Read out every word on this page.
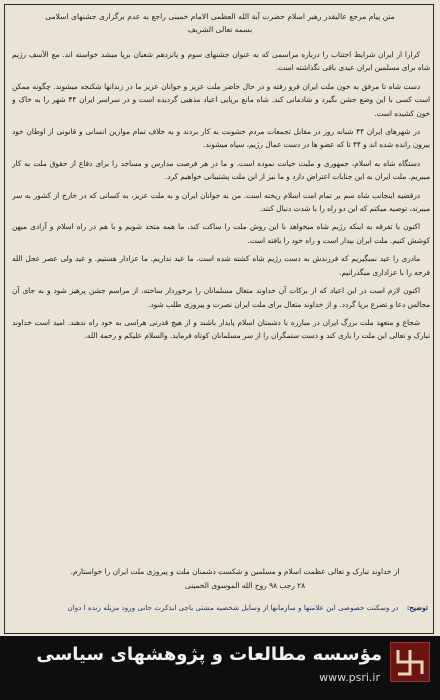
متن پیام مرجع عالیقدر رهبر اسلام حضرت آیة الله العظمی الامام خمینی راجع به عدم برگزاری جشنهای اسلامی
بسمه تعالی الشریف

کرارا از ایران شرایط اجتناب را درباره مراسمی که به عنوان جشنهای سوم و پانزدهم شعبان برپا میشد خواسته اند. مع الأسف رژیم شاه برای مسلمین ایران عیدی باقی نگذاشته است.

دست شاه تا مرفق به خون ملت ایران فرو رفته و در حال حاضر ملت عزیز و جوانان عزیز ما در زندانها شکنجه میشوند. چگونه ممکن است کسی با این وضع جشن بگیرد و شادمانی کند. شاه مانع برپایی اعیاد مذهبی گردیده است و در سراسر ایران ۴۴ شهر را به خاک و خون کشیده است.

در شهرهای ایران ۴۴ شبانه روز در مقابل تجمعات مردم خشونت به کار بردند و به خلاف تمام موازین انسانی و قانونی از اوطان خود بیرون رانده شده اند و ۴۴ تا که عضو ها در دست عمال رژیم، سپاه میشوند.

دستگاه شاه به اسلام، جمهوری و ملیت خیانت نموده است. و ما در هر فرصت مدارس و مساجد را برای دفاع از حقوق ملت به کار میبریم. ملت ایران به این جنایات اعتراض دارد و ما نیز از این ملت پشتیبانی خواهیم کرد.

درقضیه اینجانب شاه سم بر تمام امت اسلام ریخته است. من به جوانان ایران و به ملت عزیز، به کسانی که در خارج از کشور به سر میبرند، توصیه میکنم که این دو راه را با شدت دنبال کنند.

اکنون با تفرقه به اینکه رژیم شاه میخواهد با این روش ملت را ساکت کند، ما همه متحد شویم و با هم در راه اسلام و آزادی میهن کوشش کنیم. ملت ایران بیدار است و راه خود را یافته است.

مادری را عید نمیگیریم که فرزندش به دست رژیم شاه کشته شده است. ما عید نداریم. ما عزادار هستیم. و عید ولی عصر عجل الله فرجه را با عزاداری میگذرانیم.

اکنون لازم است در این اعیاد که از برکات آن خداوند متعال مسلمانان را برخوردار ساخته، از مراسم جشن پرهیز شود و به جای آن مجالس دعا و تضرع برپا گردد. و از خداوند متعال برای ملت ایران نصرت و پیروزی طلب شود.

شجاع و متعهد ملت بزرگ ایران در مبارزه با دشمنان اسلام پایدار باشند و از هیچ قدرتی هراسی به خود راه ندهند. امید است خداوند تبارک و تعالی این ملت را یاری کند و دست ستمگران را از سر مسلمانان کوتاه فرماید. والسلام علیکم و رحمة الله.

از خداوند تبارک و تعالی عظمت اسلام و مسلمین و شکست دشمنان ملت و پیروزی ملت ایران را خواستارم.
۲۸ رجب ۹۸ روح الله الموسوی الخمینی
توضیح: در وسکنت خصوصی این علامتها و سازمانها از وسایل شخصیه مشتی یاجی ایذکرت حانی ورود مزیله زنده ا دوان
مؤسسه مطالعات و پژوهشهای سیاسی
www.psri.ir
